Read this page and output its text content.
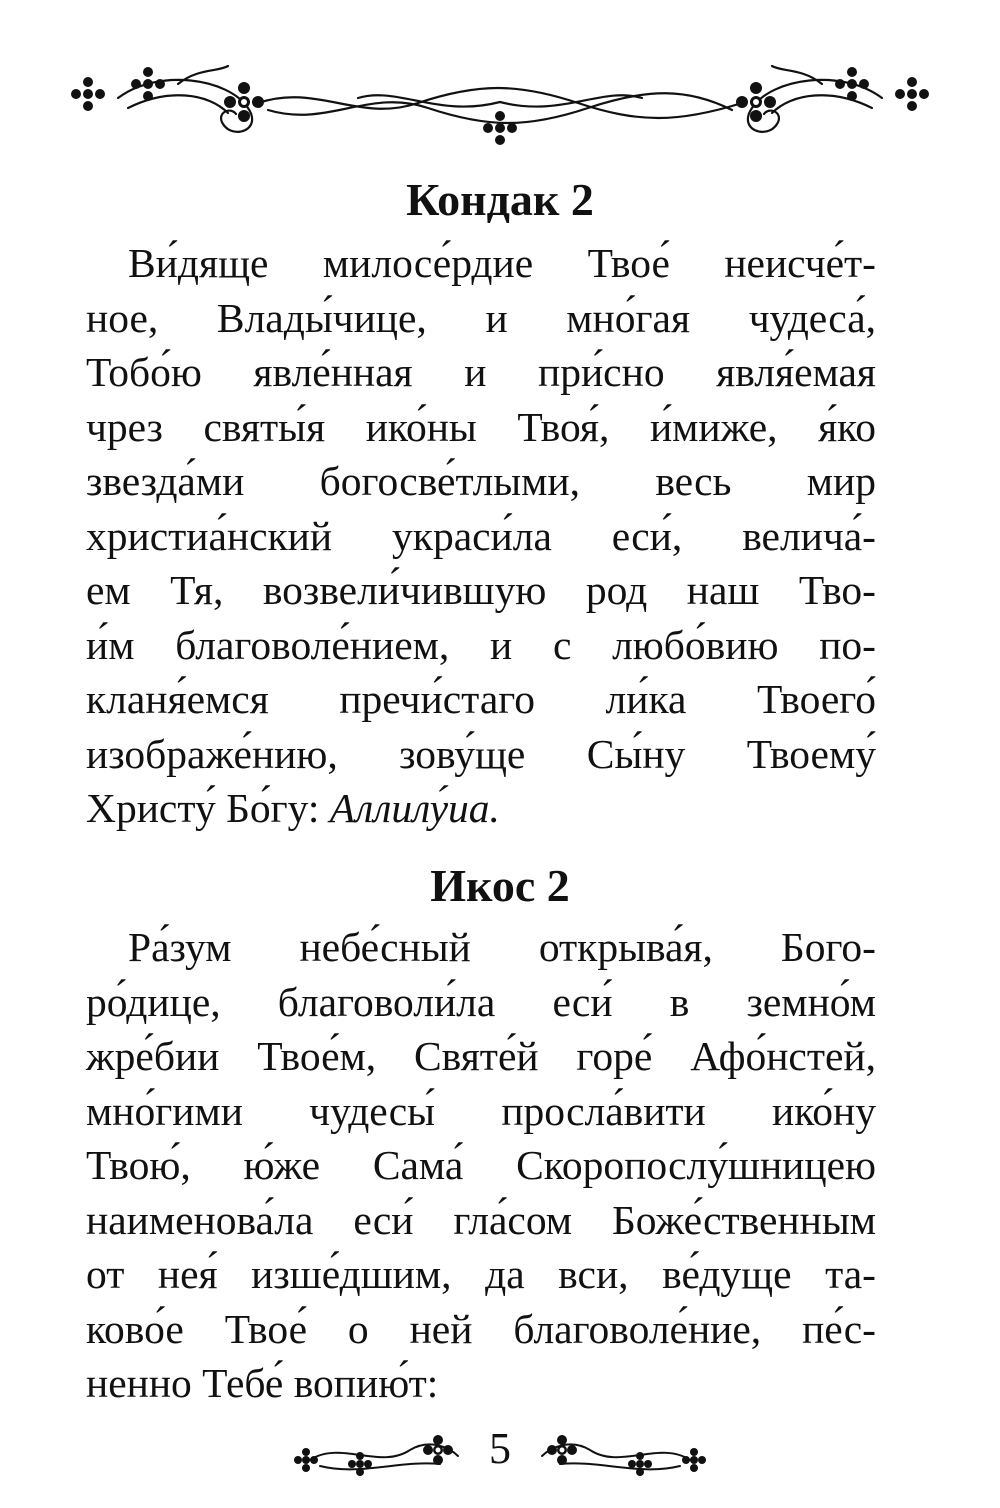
Кондак 2
Ви́дяще милосе́рдие Твое́ неисче́т-
ное, Влады́чице, и мно́гая чудеса́,
Тобо́ю явле́нная и при́сно явля́емая
чрез святы́я ико́ны Твоя́, и́миже, я́ко
звезда́ми богосве́тлыми, весь мир
христиа́нский украси́ла еси́, велича́-
ем Тя, возвели́чившую род наш Тво-
и́м благоволе́нием, и с любо́вию по-
кланя́емся пречи́стаго ли́ка Твоего́
изображе́нию, зову́ще Сы́ну Твоему́
Христу́ Бо́гу: Аллилу́иа.
Икос 2
Ра́зум небе́сный открыва́я, Бого-
ро́дице, благоволи́ла еси́ в земно́м
жре́бии Твое́м, Святе́й горе́ Афо́нстей,
мно́гими чудесы́ просла́вити ико́ну
Твою́, ю́же Сама́ Скоропослу́шницею
наименова́ла еси́ гла́сом Боже́ственным
от нея́ изше́дшим, да вси, ве́дуще та-
ково́е Твое́ о ней благоволе́ние, пе́с-
ненно Тебе́ вопию́т:
5
